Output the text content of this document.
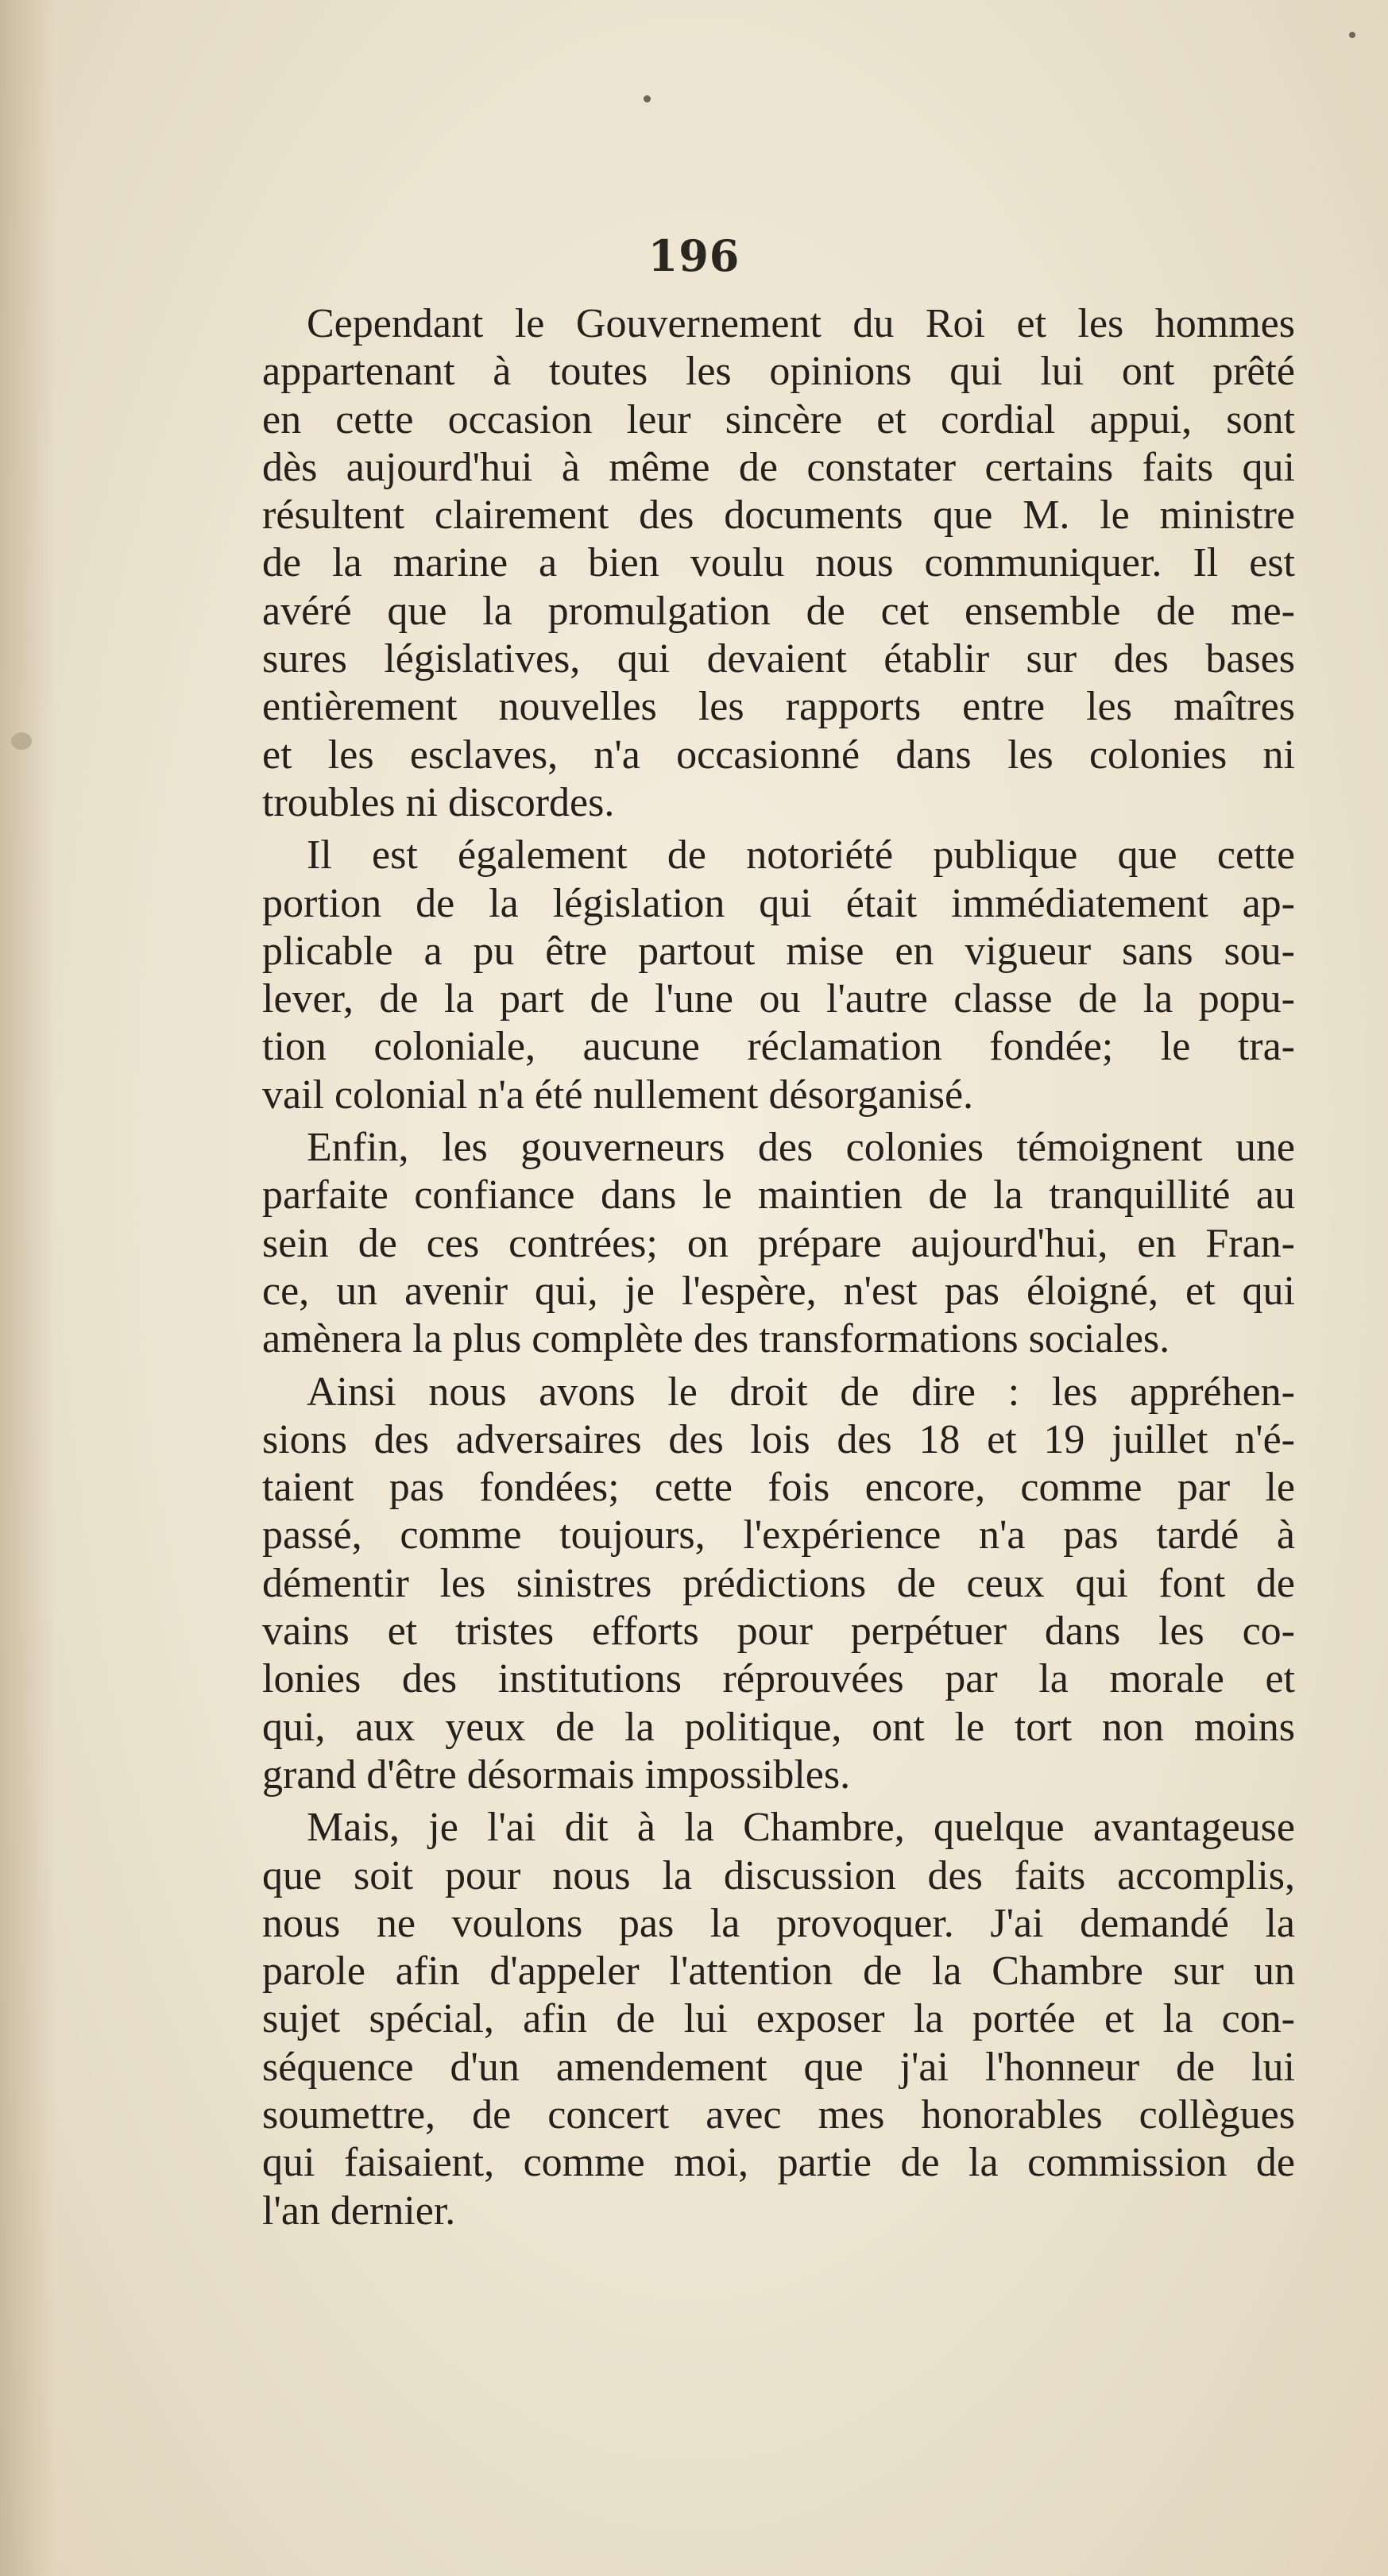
196
Cependant le Gouvernement du Roi et les hommes
appartenant à toutes les opinions qui lui ont prêté
en cette occasion leur sincère et cordial appui, sont
dès aujourd'hui à même de constater certains faits qui
résultent clairement des documents que M. le ministre
de la marine a bien voulu nous communiquer. Il est
avéré que la promulgation de cet ensemble de me-
sures législatives, qui devaient établir sur des bases
entièrement nouvelles les rapports entre les maîtres
et les esclaves, n'a occasionné dans les colonies ni
troubles ni discordes.
Il est également de notoriété publique que cette
portion de la législation qui était immédiatement ap-
plicable a pu être partout mise en vigueur sans sou-
lever, de la part de l'une ou l'autre classe de la popu-
tion coloniale, aucune réclamation fondée; le tra-
vail colonial n'a été nullement désorganisé.
Enfin, les gouverneurs des colonies témoignent une
parfaite confiance dans le maintien de la tranquillité au
sein de ces contrées; on prépare aujourd'hui, en Fran-
ce, un avenir qui, je l'espère, n'est pas éloigné, et qui
amènera la plus complète des transformations sociales.
Ainsi nous avons le droit de dire : les appréhen-
sions des adversaires des lois des 18 et 19 juillet n'é-
taient pas fondées; cette fois encore, comme par le
passé, comme toujours, l'expérience n'a pas tardé à
démentir les sinistres prédictions de ceux qui font de
vains et tristes efforts pour perpétuer dans les co-
lonies des institutions réprouvées par la morale et
qui, aux yeux de la politique, ont le tort non moins
grand d'être désormais impossibles.
Mais, je l'ai dit à la Chambre, quelque avantageuse
que soit pour nous la discussion des faits accomplis,
nous ne voulons pas la provoquer. J'ai demandé la
parole afin d'appeler l'attention de la Chambre sur un
sujet spécial, afin de lui exposer la portée et la con-
séquence d'un amendement que j'ai l'honneur de lui
soumettre, de concert avec mes honorables collègues
qui faisaient, comme moi, partie de la commission de
l'an dernier.
